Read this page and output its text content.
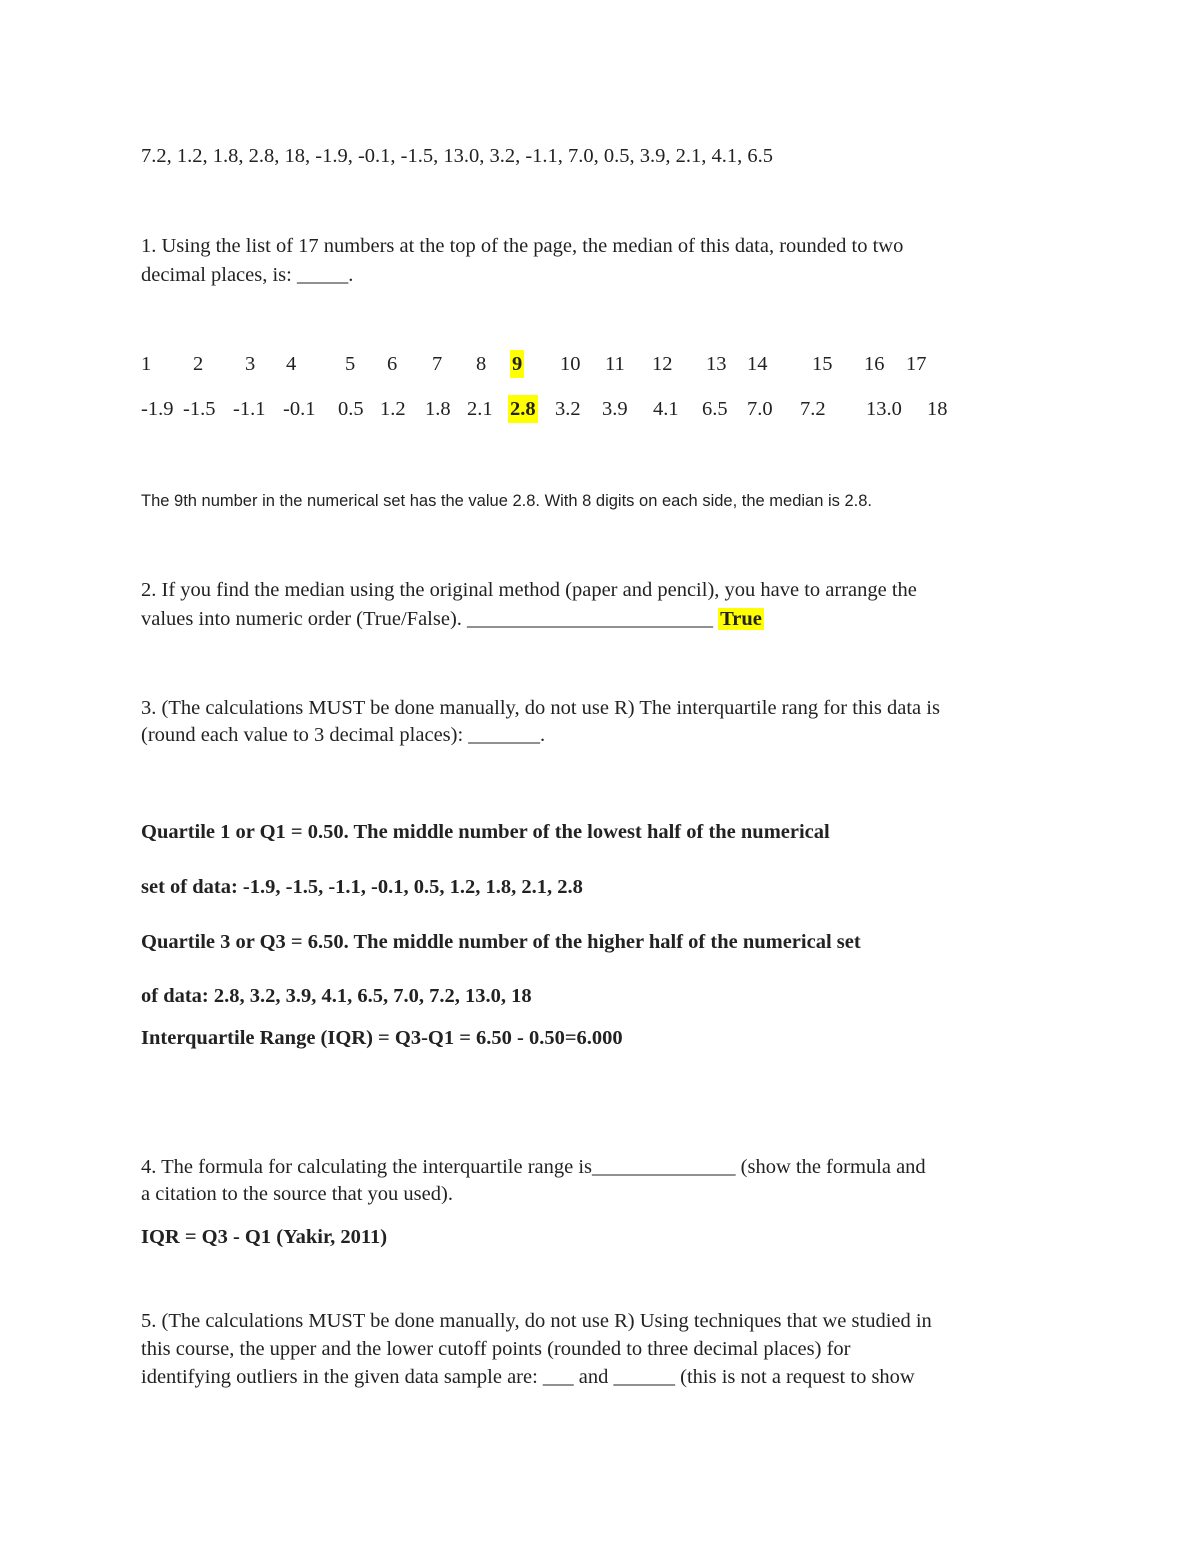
7.2, 1.2, 1.8, 2.8, 18, -1.9, -0.1, -1.5, 13.0, 3.2, -1.1, 7.0, 0.5, 3.9, 2.1, 4.1, 6.5
1. Using the list of 17 numbers at the top of the page, the median of this data, rounded to two
decimal places, is: _____.
1 2 3 4 5 6 7 8 9 10 11 12 13 14 15 16 17
-1.9 -1.5 -1.1 -0.1 0.5 1.2 1.8 2.1 2.8 3.2 3.9 4.1 6.5 7.0 7.2 13.0 18
The 9th number in the numerical set has the value 2.8. With 8 digits on each side, the median is 2.8.
2. If you find the median using the original method (paper and pencil), you have to arrange the
values into numeric order (True/False). ________________________ True
3. (The calculations MUST be done manually, do not use R) The interquartile rang for this data is
(round each value to 3 decimal places): _______.
Quartile 1 or Q1 = 0.50. The middle number of the lowest half of the numerical
set of data: -1.9, -1.5, -1.1, -0.1, 0.5, 1.2, 1.8, 2.1, 2.8
Quartile 3 or Q3 = 6.50. The middle number of the higher half of the numerical set
of data: 2.8, 3.2, 3.9, 4.1, 6.5, 7.0, 7.2, 13.0, 18
Interquartile Range (IQR) = Q3-Q1 = 6.50 - 0.50=6.000
4. The formula for calculating the interquartile range is______________ (show the formula and
a citation to the source that you used).
IQR = Q3 - Q1 (Yakir, 2011)
5. (The calculations MUST be done manually, do not use R) Using techniques that we studied in
this course, the upper and the lower cutoff points (rounded to three decimal places) for
identifying outliers in the given data sample are: ___ and ______ (this is not a request to show
